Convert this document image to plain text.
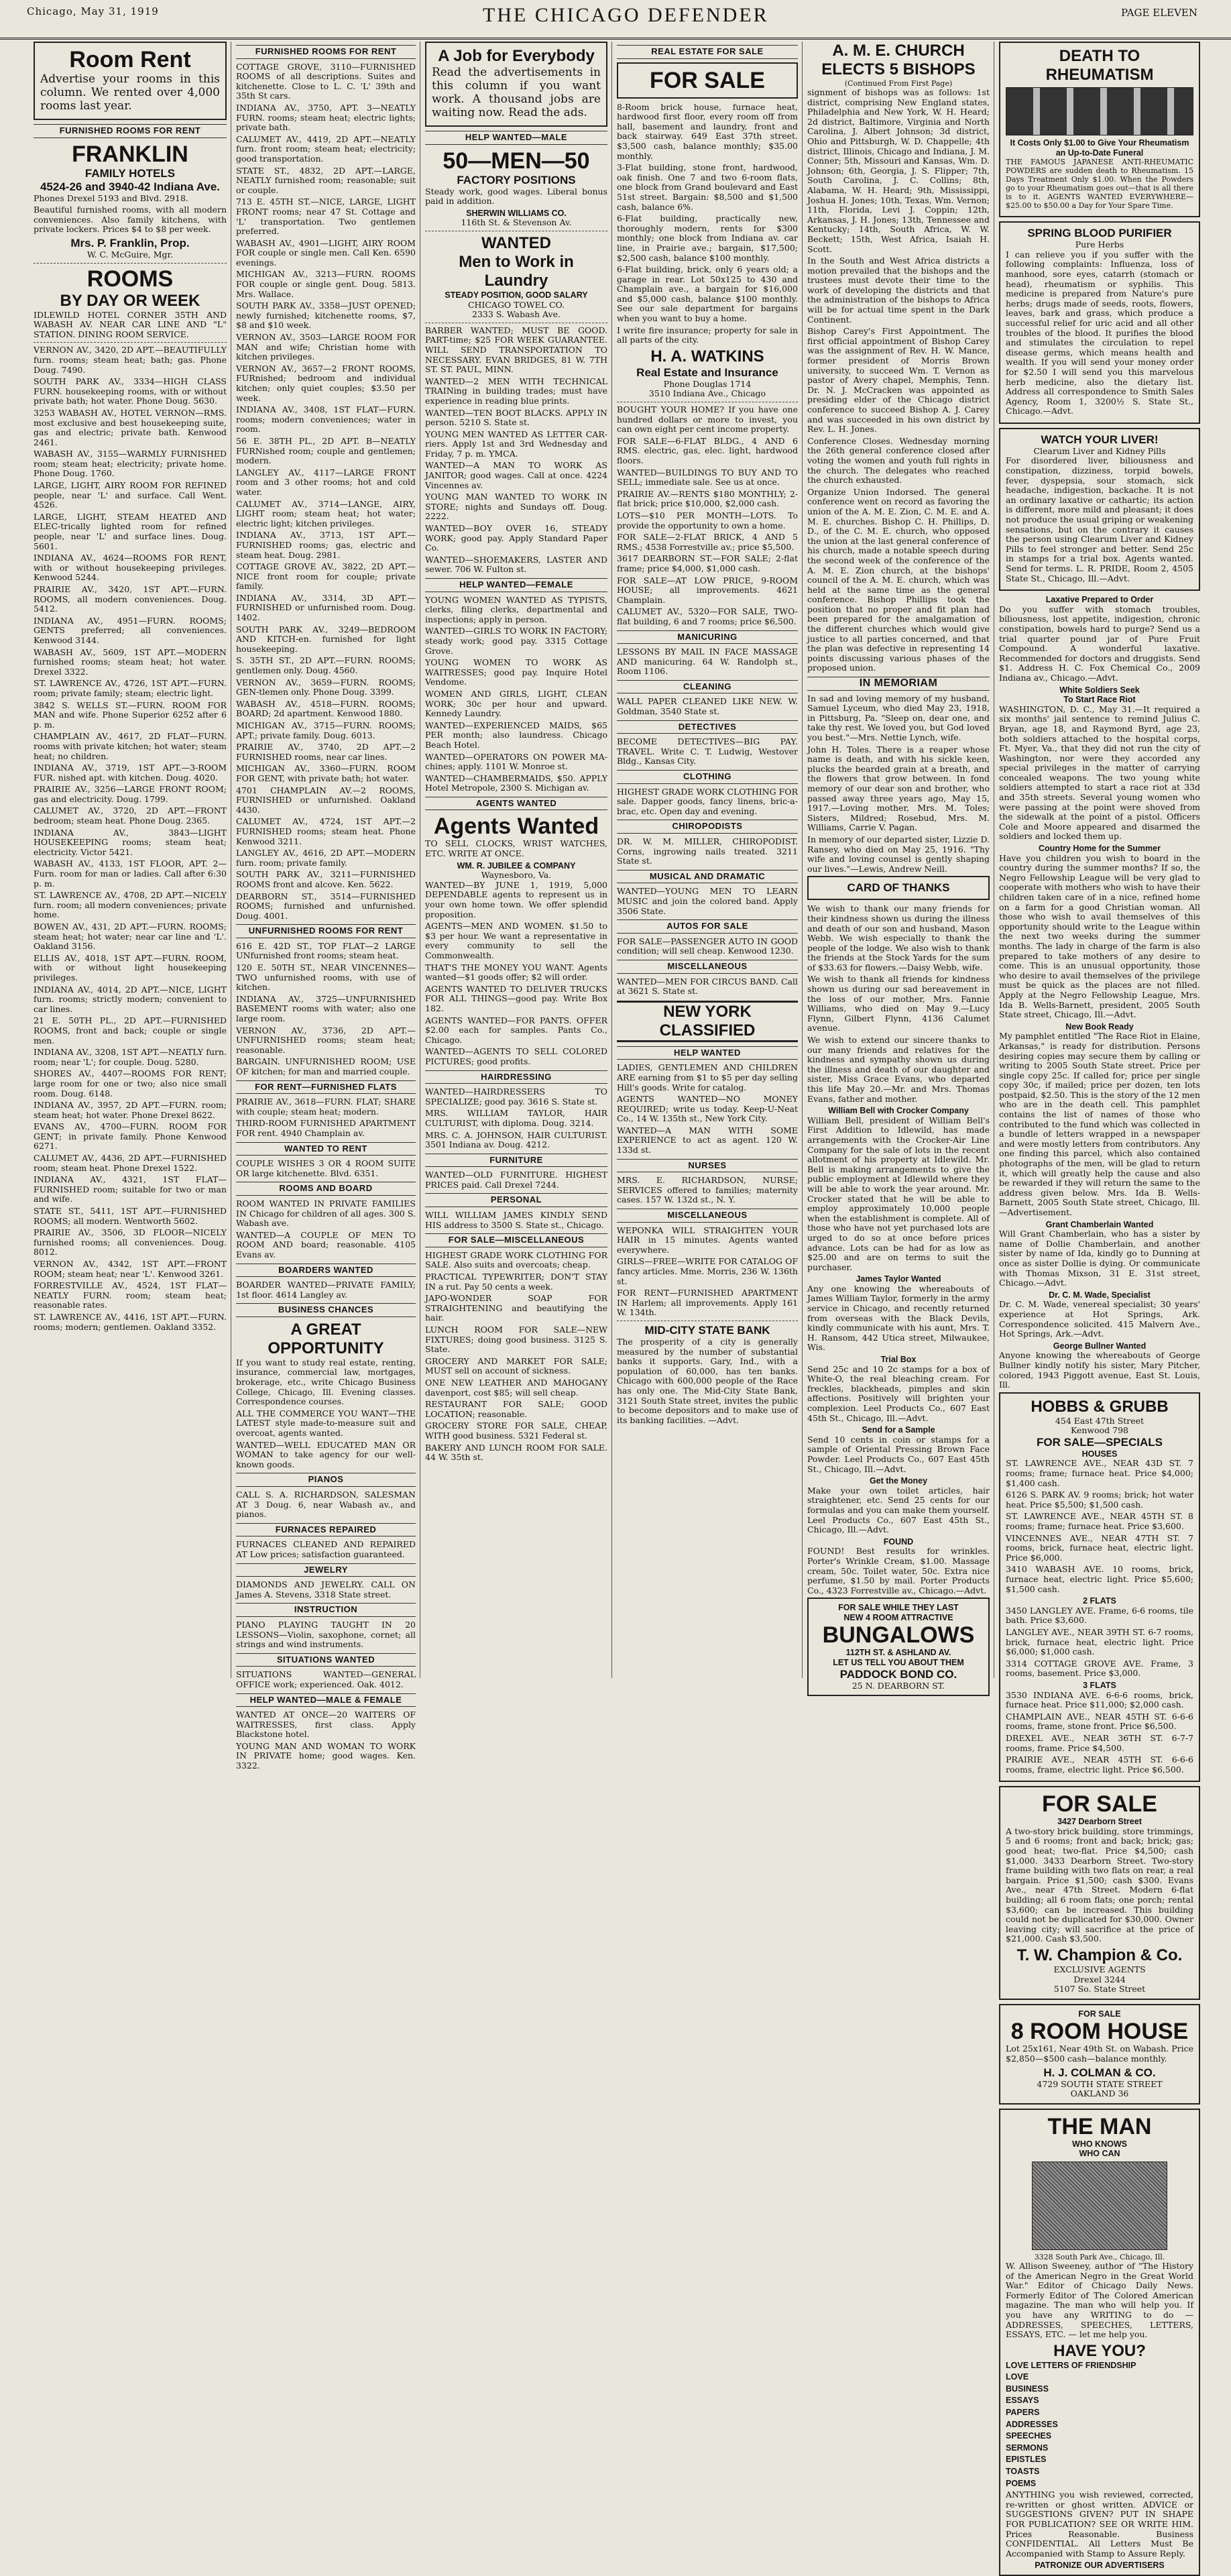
Chicago, May 31, 1919	THE CHICAGO DEFENDER	PAGE ELEVEN
Room Rent

Advertise your rooms in this column. We rented over 4,000 rooms last year.

FURNISHED ROOMS FOR RENT
FRANKLIN
FAMILY HOTELS
4524-26 and 3940-42 Indiana Ave.

Phones Drexel 5193 and Blvd. 2918.

Beautiful furnished rooms, with all modern conveniences. Also family kitchens, with private lockers. Prices $4 to $8 per week.

Mrs. P. Franklin, Prop.
W. C. McGuire, Mgr.
ROOMS
BY DAY OR WEEK

IDLEWILD HOTEL CORNER 35TH AND WABASH AV. NEAR CAR LINE AND "L" STATION. DINING ROOM SERVICE.

VERNON AV., 3420, 2D APT.—BEAUTIFULLY furn. rooms; steam heat; bath; gas. Phone Doug. 7490.

SOUTH PARK AV., 3334—HIGH CLASS FURN. housekeeping rooms, with or without private bath; hot water. Phone Doug. 5630.

3253 WABASH AV., HOTEL VERNON—RMS. most exclusive and best housekeeping suite, gas and electric; private bath. Kenwood 2461.

WABASH AV., 3155—WARMLY FURNISHED room; steam heat; electricity; private home. Phone Doug. 1760.

LARGE, LIGHT, AIRY ROOM FOR REFINED people, near 'L' and surface. Call Went. 4526.

LARGE, LIGHT, STEAM HEATED AND ELEC-trically lighted room for refined people, near 'L' and surface lines. Doug. 5601.

INDIANA AV., 4624—ROOMS FOR RENT, with or without housekeeping privileges. Kenwood 5244.

PRAIRIE AV., 3420, 1ST APT.—FURN. ROOMS, all modern conveniences. Doug. 5412.

INDIANA AV., 4951—FURN. ROOMS; GENTS preferred; all conveniences. Kenwood 3144.

WABASH AV., 5609, 1ST APT.—MODERN furnished rooms; steam heat; hot water. Drexel 3322.

ST. LAWRENCE AV., 4726, 1ST APT.—FURN. room; private family; steam; electric light.

3842 S. WELLS ST.—FURN. ROOM FOR MAN and wife. Phone Superior 6252 after 6 p. m.

CHAMPLAIN AV., 4617, 2D FLAT—FURN. rooms with private kitchen; hot water; steam heat; no children.

INDIANA AV., 3719, 1ST APT.—3-ROOM FUR. nished apt. with kitchen. Doug. 4020.

PRAIRIE AV., 3256—LARGE FRONT ROOM; gas and electricity. Doug. 1799.

CALUMET AV., 3720, 2D APT.—FRONT bedroom; steam heat. Phone Doug. 2365.

INDIANA AV., 3843—LIGHT HOUSEKEEPING rooms; steam heat; electricity. Victor 5421.

WABASH AV., 4133, 1ST FLOOR, APT. 2—Furn. room for man or ladies. Call after 6:30 p. m.

ST. LAWRENCE AV., 4708, 2D APT.—NICELY furn. room; all modern conveniences; private home.

BOWEN AV., 431, 2D APT.—FURN. ROOMS; steam heat; hot water; near car line and 'L'. Oakland 3156.

ELLIS AV., 4018, 1ST APT.—FURN. ROOM, with or without light housekeeping privileges.

INDIANA AV., 4014, 2D APT.—NICE, LIGHT furn. rooms; strictly modern; convenient to car lines.

21 E. 50TH PL., 2D APT.—FURNISHED ROOMS, front and back; couple or single men.

INDIANA AV., 3208, 1ST APT.—NEATLY furn. room; near 'L'; for couple. Doug. 5280.

SHORES AV., 4407—ROOMS FOR RENT; large room for one or two; also nice small room. Doug. 6148.

INDIANA AV., 3957, 2D APT.—FURN. room; steam heat; hot water. Phone Drexel 8622.

EVANS AV., 4700—FURN. ROOM FOR GENT; in private family. Phone Kenwood 6271.

CALUMET AV., 4436, 2D APT.—FURNISHED room; steam heat. Phone Drexel 1522.

INDIANA AV., 4321, 1ST FLAT—FURNISHED room; suitable for two or man and wife.

STATE ST., 5411, 1ST APT.—FURNISHED ROOMS; all modern. Wentworth 5602.

PRAIRIE AV., 3506, 3D FLOOR—NICELY furnished rooms; all conveniences. Doug. 8012.

VERNON AV., 4342, 1ST APT.—FRONT ROOM; steam heat; near 'L'. Kenwood 3261.

FORRESTVILLE AV., 4524, 1ST FLAT—NEATLY FURN. room; steam heat; reasonable rates.

ST. LAWRENCE AV., 4416, 1ST APT.—FURN. rooms; modern; gentlemen. Oakland 3352.

FURNISHED ROOMS FOR RENT

COTTAGE GROVE, 3110—FURNISHED ROOMS of all descriptions. Suites and kitchenette. Close to L. C. 'L' 39th and 35th St cars.

INDIANA AV., 3750, APT. 3—NEATLY FURN. rooms; steam heat; electric lights; private bath.

CALUMET AV., 4419, 2D APT.—NEATLY furn. front room; steam heat; electricity; good transportation.

STATE ST., 4832, 2D APT.—LARGE, NEATLY furnished room; reasonable; suit or couple.

713 E. 45TH ST.—NICE, LARGE, LIGHT FRONT rooms; near 47 St. Cottage and 'L' transportation. Two gentlemen preferred.

WABASH AV., 4901—LIGHT, AIRY ROOM FOR couple or single men. Call Ken. 6590 evenings.

MICHIGAN AV., 3213—FURN. ROOMS FOR couple or single gent. Doug. 5813. Mrs. Wallace.

SOUTH PARK AV., 3358—JUST OPENED; newly furnished; kitchenette rooms, $7, $8 and $10 week.

VERNON AV., 3503—LARGE ROOM FOR MAN and wife; Christian home with kitchen privileges.

VERNON AV., 3657—2 FRONT ROOMS, FURnished; bedroom and individual kitchen; only quiet couples; $3.50 per week.

INDIANA AV., 3408, 1ST FLAT—FURN. rooms; modern conveniences; water in room.

56 E. 38TH PL., 2D APT. B—NEATLY FURNished room; couple and gentlemen; modern.

LANGLEY AV., 4117—LARGE FRONT room and 3 other rooms; hot and cold water.

CALUMET AV., 3714—LANGE, AIRY, LIGHT room; steam heat; hot water; electric light; kitchen privileges.

INDIANA AV., 3713, 1ST APT.—FURNISHED rooms; gas, electric and steam heat. Doug. 2981.

COTTAGE GROVE AV., 3822, 2D APT.—NICE front room for couple; private family.

INDIANA AV., 3314, 3D APT.—FURNISHED or unfurnished room. Doug. 1402.

SOUTH PARK AV., 3249—BEDROOM AND KITCH-en. furnished for light housekeeping.

S. 35TH ST., 2D APT.—FURN. ROOMS; gentlemen only. Doug. 4560.

VERNON AV., 3659—FURN. ROOMS; GEN-tlemen only. Phone Doug. 3399.

WABASH AV., 4518—FURN. ROOMS; BOARD; 2d apartment. Kenwood 1880.

MICHIGAN AV., 3715—FURN. ROOMS; APT.; private family. Doug. 6013.

PRAIRIE AV., 3740, 2D APT.—2 FURNISHED rooms, near car lines.

MICHIGAN AV., 3360—FURN. ROOM FOR GENT, with private bath; hot water.

4701 CHAMPLAIN AV.—2 ROOMS, FURNISHED or unfurnished. Oakland 4430.

CALUMET AV., 4724, 1ST APT.—2 FURNISHED rooms; steam heat. Phone Kenwood 3211.

LANGLEY AV., 4616, 2D APT.—MODERN furn. room; private family.

SOUTH PARK AV., 3211—FURNISHED ROOMS front and alcove. Ken. 5622.

DEARBORN ST., 3514—FURNISHED ROOMS; furnished and unfurnished. Doug. 4001.

UNFURNISHED ROOMS FOR RENT

616 E. 42D ST., TOP FLAT—2 LARGE UNfurnished front rooms; steam heat.

120 E. 50TH ST., NEAR VINCENNES—TWO unfurnished rooms, with use of kitchen.

INDIANA AV., 3725—UNFURNISHED BASEMENT rooms with water; also one large room.

VERNON AV., 3736, 2D APT.—UNFURNISHED rooms; steam heat; reasonable.

BARGAIN. UNFURNISHED ROOM; USE OF kitchen; for man and married couple.

FOR RENT—FURNISHED FLATS

PRAIRIE AV., 3618—FURN. FLAT; SHARE with couple; steam heat; modern.

THIRD-ROOM FURNISHED APARTMENT FOR rent. 4940 Champlain av.

WANTED TO RENT

COUPLE WISHES 3 OR 4 ROOM SUITE OR large kitchenette. Blvd. 6351.

ROOMS AND BOARD

ROOM WANTED IN PRIVATE FAMILIES IN Chicago for children of all ages. 300 S. Wabash ave.

WANTED—A COUPLE OF MEN TO ROOM AND board; reasonable. 4105 Evans av.

BOARDERS WANTED

BOARDER WANTED—PRIVATE FAMILY; 1st floor. 4614 Langley av.

BUSINESS CHANCES
A GREAT OPPORTUNITY

If you want to study real estate, renting, insurance, commercial law, mortgages, brokerage, etc., write Chicago Business College, Chicago, Ill. Evening classes. Correspondence courses.

ALL THE COMMERCE YOU WANT—THE LATEST style made-to-measure suit and overcoat, agents wanted.

WANTED—WELL EDUCATED MAN OR WOMAN to take agency for our well-known goods.

PIANOS

CALL S. A. RICHARDSON, SALESMAN AT 3 Doug. 6, near Wabash av., and pianos.

FURNACES REPAIRED

FURNACES CLEANED AND REPAIRED AT Low prices; satisfaction guaranteed.

JEWELRY

DIAMONDS AND JEWELRY. CALL ON James A. Stevens, 3318 State street.

INSTRUCTION

PIANO PLAYING TAUGHT IN 20 LESSONS—Violin, saxophone, cornet; all strings and wind instruments.

SITUATIONS WANTED

SITUATIONS WANTED—GENERAL OFFICE work; experienced. Oak. 4012.

HELP WANTED—MALE & FEMALE

WANTED AT ONCE—20 WAITERS OF WAITRESSES, first class. Apply Blackstone hotel.

YOUNG MAN AND WOMAN TO WORK IN PRIVATE home; good wages. Ken. 3322.

A Job for Everybody

Read the advertisements in this column if you want work. A thousand jobs are waiting now. Read the ads.

HELP WANTED—MALE
50—MEN—50
FACTORY POSITIONS

Steady work, good wages. Liberal bonus paid in addition.

SHERWIN WILLIAMS CO.
116th St. & Stevenson Av.
WANTED
Men to Work in Laundry
STEADY POSITION, GOOD SALARY
CHICAGO TOWEL CO.
2333 S. Wabash Ave.

BARBER WANTED; MUST BE GOOD. PART-time; $25 FOR WEEK GUARANTEE. WILL SEND TRANSPORTATION TO NECESSARY. EVAN BRIDGES, 81 W. 7TH ST. ST. PAUL, MINN.

WANTED—2 MEN WITH TECHNICAL TRAINing in building trades; must have experience in reading blue prints.

WANTED—TEN BOOT BLACKS. APPLY IN person. 5210 S. State st.

YOUNG MEN WANTED AS LETTER CAR-riers. Apply 1st and 3rd Wednesday and Friday, 7 p. m. YMCA.

WANTED—A MAN TO WORK AS JANITOR; good wages. Call at once. 4224 Vincennes av.

YOUNG MAN WANTED TO WORK IN STORE; nights and Sundays off. Doug. 2222.

WANTED—BOY OVER 16, STEADY WORK; good pay. Apply Standard Paper Co.

WANTED—SHOEMAKERS, LASTER AND sewer. 706 W. Fulton st.

HELP WANTED—FEMALE

YOUNG WOMEN WANTED AS TYPISTS, clerks, filing clerks, departmental and inspections; apply in person.

WANTED—GIRLS TO WORK IN FACTORY; steady work; good pay. 3315 Cottage Grove.

YOUNG WOMEN TO WORK AS WAITRESSES; good pay. Inquire Hotel Vendome.

WOMEN AND GIRLS, LIGHT, CLEAN WORK; 30c per hour and upward. Kennedy Laundry.

WANTED—EXPERIENCED MAIDS, $65 PER month; also laundress. Chicago Beach Hotel.

WANTED—OPERATORS ON POWER MA-chines; apply. 1101 W. Monroe st.

WANTED—CHAMBERMAIDS, $50. APPLY Hotel Metropole, 2300 S. Michigan av.

AGENTS WANTED
Agents Wanted

TO SELL CLOCKS, WRIST WATCHES, ETC. WRITE AT ONCE.

WM. R. JUBILEE & COMPANY
Waynesboro, Va.

WANTED—BY JUNE 1, 1919, 5,000 DEPENDABLE agents to represent us in your own home town. We offer splendid proposition.

AGENTS—MEN AND WOMEN. $1.50 to $3 per hour. We want a representative in every community to sell the Commonwealth.

THAT'S THE MONEY YOU WANT. Agents wanted—$1 goods offer; $2 will order.

AGENTS WANTED TO DELIVER TRUCKS FOR ALL THINGS—good pay. Write Box 182.

AGENTS WANTED—FOR PANTS. OFFER $2.00 each for samples. Pants Co., Chicago.

WANTED—AGENTS TO SELL COLORED PICTURES; good profits.

HAIRDRESSING

WANTED—HAIRDRESSERS TO SPECIALIZE; good pay. 3616 S. State st.

MRS. WILLIAM TAYLOR, HAIR CULTURIST, with diploma. Doug. 3214.

MRS. C. A. JOHNSON, HAIR CULTURIST. 3501 Indiana av. Doug. 4212.

FURNITURE

WANTED—OLD FURNITURE. HIGHEST PRICES paid. Call Drexel 7244.

PERSONAL

WILL WILLIAM JAMES KINDLY SEND HIS address to 3500 S. State st., Chicago.

FOR SALE—MISCELLANEOUS

HIGHEST GRADE WORK CLOTHING FOR SALE. Also suits and overcoats; cheap.

PRACTICAL TYPEWRITER; DON'T STAY IN a rut. Pay 50 cents a week.

JAPO-WONDER SOAP FOR STRAIGHTENING and beautifying the hair.

LUNCH ROOM FOR SALE—NEW FIXTURES; doing good business. 3125 S. State.

GROCERY AND MARKET FOR SALE; MUST sell on account of sickness.

ONE NEW LEATHER AND MAHOGANY davenport, cost $85; will sell cheap.

RESTAURANT FOR SALE; GOOD LOCATION; reasonable.

GROCERY STORE FOR SALE, CHEAP, WITH good business. 5321 Federal st.

BAKERY AND LUNCH ROOM FOR SALE. 44 W. 35th st.

REAL ESTATE FOR SALE
FOR SALE

8-Room brick house, furnace heat, hardwood first floor, every room off from hall, basement and laundry, front and back stairway. 649 East 37th street. $3,500 cash, balance monthly; $35.00 monthly.

3-Flat building, stone front, hardwood, oak finish. One 7 and two 6-room flats, one block from Grand boulevard and East 51st street. Bargain: $8,500 and $1,500 cash, balance 6%.

6-Flat building, practically new, thoroughly modern, rents for $300 monthly; one block from Indiana av. car line, in Prairie ave.; bargain, $17,500; $2,500 cash, balance $100 monthly.

6-Flat building, brick, only 6 years old; a garage in rear. Lot 50x125 to 430 and Champlain ave., a bargain for $16,000 and $5,000 cash, balance $100 monthly. See our sale department for bargains when you want to buy a home.

I write fire insurance; property for sale in all parts of the city.

H. A. WATKINS
Real Estate and Insurance
Phone Douglas 1714
3510 Indiana Ave., Chicago

BOUGHT YOUR HOME? If you have one hundred dollars or more to invest, you can own eight per cent income property.

FOR SALE—6-FLAT BLDG., 4 AND 6 RMS. electric, gas, elec. light, hardwood floors.

WANTED—BUILDINGS TO BUY AND TO SELL; immediate sale. See us at once.

PRAIRIE AV.—RENTS $180 MONTHLY; 2-flat brick; price $10,000, $2,000 cash.

LOTS—$10 PER MONTH—LOTS. To provide the opportunity to own a home.

FOR SALE—2-FLAT BRICK, 4 AND 5 RMS.; 4538 Forrestville av.; price $5,500.

3617 DEARBORN ST.—FOR SALE; 2-flat frame; price $4,000, $1,000 cash.

FOR SALE—AT LOW PRICE, 9-ROOM HOUSE; all improvements. 4621 Champlain.

CALUMET AV., 5320—FOR SALE, TWO-flat building, 6 and 7 rooms; price $6,500.

MANICURING

LESSONS BY MAIL IN FACE MASSAGE AND manicuring. 64 W. Randolph st., Room 1106.

CLEANING

WALL PAPER CLEANED LIKE NEW. W. Goldman, 3540 State st.

DETECTIVES

BECOME DETECTIVES—BIG PAY. TRAVEL. Write C. T. Ludwig, Westover Bldg., Kansas City.

CLOTHING

HIGHEST GRADE WORK CLOTHING FOR sale. Dapper goods, fancy linens, bric-a-brac, etc. Open day and evening.

CHIROPODISTS

DR. W. M. MILLER, CHIROPODIST. Corns, ingrowing nails treated. 3211 State st.

MUSICAL AND DRAMATIC

WANTED—YOUNG MEN TO LEARN MUSIC and join the colored band. Apply 3506 State.

AUTOS FOR SALE

FOR SALE—PASSENGER AUTO IN GOOD condition; will sell cheap. Kenwood 1230.

MISCELLANEOUS

WANTED—MEN FOR CIRCUS BAND. Call at 3621 S. State st.

NEW YORK CLASSIFIED
HELP WANTED

LADIES, GENTLEMEN AND CHILDREN ARE earning from $1 to $5 per day selling Hill's goods. Write for catalog.

AGENTS WANTED—NO MONEY REQUIRED; write us today. Keep-U-Neat Co., 14 W. 135th st., New York City.

WANTED—A MAN WITH SOME EXPERIENCE to act as agent. 120 W. 133d st.

NURSES

MRS. E. RICHARDSON, NURSE; SERVICES offered to families; maternity cases. 157 W. 132d st., N. Y.

MISCELLANEOUS

WEPONKA WILL STRAIGHTEN YOUR HAIR in 15 minutes. Agents wanted everywhere.

GIRLS—FREE—WRITE FOR CATALOG OF fancy articles. Mme. Morris, 236 W. 136th st.

FOR RENT—FURNISHED APARTMENT IN Harlem; all improvements. Apply 161 W. 134th.

MID-CITY STATE BANK

The prosperity of a city is generally measured by the number of substantial banks it supports. Gary, Ind., with a population of 60,000, has ten banks. Chicago with 600,000 people of the Race has only one. The Mid-City State Bank, 3121 South State street, invites the public to become depositors and to make use of its banking facilities. —Advt.

A. M. E. CHURCH
ELECTS 5 BISHOPS
(Continued From First Page)

signment of bishops was as follows: 1st district, comprising New England states, Philadelphia and New York, W. H. Heard; 2d district, Baltimore, Virginia and North Carolina, J. Albert Johnson; 3d district, Ohio and Pittsburgh, W. D. Chappelle; 4th district, Illinois, Chicago and Indiana, J. M. Conner; 5th, Missouri and Kansas, Wm. D. Johnson; 6th, Georgia, J. S. Flipper; 7th, South Carolina, J. C. Collins; 8th, Alabama, W. H. Heard; 9th, Mississippi, Joshua H. Jones; 10th, Texas, Wm. Vernon; 11th, Florida, Levi J. Coppin; 12th, Arkansas, J. H. Jones; 13th, Tennessee and Kentucky; 14th, South Africa, W. W. Beckett; 15th, West Africa, Isaiah H. Scott.

In the South and West Africa districts a motion prevailed that the bishops and the trustees must devote their time to the work of developing the districts and that the administration of the bishops to Africa will be for actual time spent in the Dark Continent.

Bishop Carey's First Appointment. The first official appointment of Bishop Carey was the assignment of Rev. H. W. Mance, former president of Morris Brown university, to succeed Wm. T. Vernon as pastor of Avery chapel, Memphis, Tenn. Dr. N. J. McCracken was appointed as presiding elder of the Chicago district conference to succeed Bishop A. J. Carey and was succeeded in his own district by Rev. L. H. Jones.

Conference Closes. Wednesday morning the 26th general conference closed after voting the women and youth full rights in the church. The delegates who reached the church exhausted.

Organize Union Indorsed. The general conference went on record as favoring the union of the A. M. E. Zion, C. M. E. and A. M. E. churches. Bishop C. H. Phillips, D. D., of the C. M. E. church, who opposed the union at the last general conference of his church, made a notable speech during the second week of the conference of the A. M. E. Zion church, at the bishops' council of the A. M. E. church, which was held at the same time as the general conference. Bishop Phillips took the position that no proper and fit plan had been prepared for the amalgamation of the different churches which would give justice to all parties concerned, and that the plan was defective in representing 14 points discussing various phases of the proposed union.

IN MEMORIAM

In sad and loving memory of my husband, Samuel Lyceum, who died May 23, 1918, in Pittsburg, Pa. "Sleep on, dear one, and take thy rest. We loved you, but God loved you best."—Mrs. Nettie Lynch, wife.

John H. Toles. There is a reaper whose name is death, and with his sickle keen, plucks the bearded grain at a breath, and the flowers that grow between. In fond memory of our dear son and brother, who passed away three years ago, May 15, 1917.—Loving mother, Mrs. M. Toles; Sisters, Mildred; Rosebud, Mrs. M. Williams, Carrie V. Pagan.

In memory of our departed sister, Lizzie D. Ransey, who died on May 25, 1916. "Thy wife and loving counsel is gently shaping our lives."—Lewis, Andrew Neill.

CARD OF THANKS

We wish to thank our many friends for their kindness shown us during the illness and death of our son and husband, Mason Webb. We wish especially to thank the people of the lodge. We also wish to thank the friends at the Stock Yards for the sum of $33.63 for flowers.—Daisy Webb, wife.

We wish to thank all friends for kindness shown us during our sad bereavement in the loss of our mother, Mrs. Fannie Williams, who died on May 9.—Lucy Flynn, Gilbert Flynn, 4136 Calumet avenue.

We wish to extend our sincere thanks to our many friends and relatives for the kindness and sympathy shown us during the illness and death of our daughter and sister, Miss Grace Evans, who departed this life May 20.—Mr. and Mrs. Thomas Evans, father and mother.

William Bell with Crocker Company

William Bell, president of William Bell's First Addition to Idlewild, has made arrangements with the Crocker-Air Line Company for the sale of lots in the recent allotment of his property at Idlewild. Mr. Bell is making arrangements to give the public employment at Idlewild where they will be able to work the year around. Mr. Crocker stated that he will be able to employ approximately 10,000 people when the establishment is complete. All of those who have not yet purchased lots are urged to do so at once before prices advance. Lots can be had for as low as $25.00 and are on terms to suit the purchaser.

James Taylor Wanted

Any one knowing the whereabouts of James William Taylor, formerly in the army service in Chicago, and recently returned from overseas with the Black Devils, kindly communicate with his aunt, Mrs. T. H. Ransom, 442 Utica street, Milwaukee, Wis.

Trial Box

Send 25c and 10 2c stamps for a box of White-O, the real bleaching cream. For freckles, blackheads, pimples and skin affections. Positively will brighten your complexion. Leel Products Co., 607 East 45th St., Chicago, Ill.—Advt.

Send for a Sample

Send 10 cents in coin or stamps for a sample of Oriental Pressing Brown Face Powder. Leel Products Co., 607 East 45th St., Chicago, Ill.—Advt.

Get the Money

Make your own toilet articles, hair straightener, etc. Send 25 cents for our formulas and you can make them yourself. Leel Products Co., 607 East 45th St., Chicago, Ill.—Advt.

FOUND

FOUND! Best results for wrinkles. Porter's Wrinkle Cream, $1.00. Massage cream, 50c. Toilet water, 50c. Extra nice perfume, $1.50 by mail. Porter Products Co., 4323 Forrestville av., Chicago.—Advt.

FOR SALE WHILE THEY LAST
NEW 4 ROOM ATTRACTIVE
BUNGALOWS
112TH ST. & ASHLAND AV.
LET US TELL YOU ABOUT THEM
PADDOCK BOND CO.
25 N. DEARBORN ST.
DEATH TO RHEUMATISM
It Costs Only $1.00 to Give Your Rheumatism an Up-to-Date Funeral

THE FAMOUS JAPANESE ANTI-RHEUMATIC POWDERS are sudden death to Rheumatism. 15 Days Treatment Only $1.00. When the Powders go to your Rheumatism goes out—that is all there is to it. AGENTS WANTED EVERYWHERE—$25.00 to $50.00 a Day for Your Spare Time.

SPRING BLOOD PURIFIER
Pure Herbs

I can relieve you if you suffer with the following complaints: Influenza, loss of manhood, sore eyes, catarrh (stomach or head), rheumatism or syphilis. This medicine is prepared from Nature's pure herbs; drugs made of seeds, roots, flowers, leaves, bark and grass, which produce a successful relief for uric acid and all other troubles of the blood. It purifies the blood and stimulates the circulation to repel disease germs, which means health and wealth. If you will send your money order for $2.50 I will send you this marvelous herb medicine, also the dietary list. Address all correspondence to Smith Sales Agency, Room 1, 3200½ S. State St., Chicago.—Advt.

WATCH YOUR LIVER!
Clearum Liver and Kidney Pills

For disordered liver, biliousness and constipation, dizziness, torpid bowels, fever, dyspepsia, sour stomach, sick headache, indigestion, backache. It is not an ordinary laxative or cathartic; its action is different, more mild and pleasant; it does not produce the usual griping or weakening sensations, but on the contrary it causes the person using Clearum Liver and Kidney Pills to feel stronger and better. Send 25c in stamps for a trial box. Agents wanted. Send for terms. L. R. PRIDE, Room 2, 4505 State St., Chicago, Ill.—Advt.

Laxative Prepared to Order

Do you suffer with stomach troubles, biliousness, lost appetite, indigestion, chronic constipation, bowels hard to purge? Send us a trial quarter pound jar of Pure Fruit Compound. A wonderful laxative. Recommended for doctors and druggists. Send $1. Address H. C. Fox Chemical Co., 2009 Indiana av., Chicago.—Advt.

White Soldiers Seek
To Start Race Riot

WASHINGTON, D. C., May 31.—It required a six months' jail sentence to remind Julius C. Bryan, age 18, and Raymond Byrd, age 23, both soldiers attached to the hospital corps, Ft. Myer, Va., that they did not run the city of Washington, nor were they accorded any special privileges in the matter of carrying concealed weapons. The two young white soldiers attempted to start a race riot at 33d and 35th streets. Several young women who were passing at the point were shoved from the sidewalk at the point of a pistol. Officers Cole and Moore appeared and disarmed the soldiers and locked them up.

Country Home for the Summer

Have you children you wish to board in the country during the summer months? If so, the Negro Fellowship League will be very glad to cooperate with mothers who wish to have their children taken care of in a nice, refined home on a farm for a good Christian woman. All those who wish to avail themselves of this opportunity should write to the League within the next two weeks during the summer months. The lady in charge of the farm is also prepared to take mothers of any desire to come. This is an unusual opportunity, those who desire to avail themselves of the privilege must be quick as the places are not filled. Apply at the Negro Fellowship League, Mrs. Ida B. Wells-Barnett, president, 2005 South State street, Chicago, Ill.—Advt.

New Book Ready

My pamphlet entitled "The Race Riot in Elaine, Arkansas," is ready for distribution. Persons desiring copies may secure them by calling or writing to 2005 South State street. Price per single copy 25c. If called for; price per single copy 30c, if mailed; price per dozen, ten lots postpaid, $2.50. This is the story of the 12 men who are in the death cell. This pamphlet contains the list of names of those who contributed to the fund which was collected in a bundle of letters wrapped in a newspaper and were mostly letters from contributors. Any one finding this parcel, which also contained photographs of the men, will be glad to return it, which will greatly help the cause and also be rewarded if they will return the same to the address given below. Mrs. Ida B. Wells-Barnett, 2005 South State street, Chicago, Ill.—Advertisement.

Grant Chamberlain Wanted

Will Grant Chamberlain, who has a sister by name of Dollie Chamberlain, and another sister by name of Ida, kindly go to Dunning at once as sister Dollie is dying. Or communicate with Thomas Mixson, 31 E. 31st street, Chicago.—Advt.

Dr. C. M. Wade, Specialist

Dr. C. M. Wade, venereal specialist; 30 years' experience at Hot Springs, Ark. Correspondence solicited. 415 Malvern Ave., Hot Springs, Ark.—Advt.

George Bullner Wanted

Anyone knowing the whereabouts of George Bullner kindly notify his sister, Mary Pitcher, colored, 1943 Piggott avenue, East St. Louis, Ill.

HOBBS & GRUBB
454 East 47th Street
Kenwood 798
FOR SALE—SPECIALS
HOUSES

ST. LAWRENCE AVE., NEAR 43D ST. 7 rooms; frame; furnace heat. Price $4,000; $1,400 cash.

6126 S. PARK AV. 9 rooms; brick; hot water heat. Price $5,500; $1,500 cash.

ST. LAWRENCE AVE., NEAR 45TH ST. 8 rooms; frame; furnace heat. Price $3,600.

VINCENNES AVE., NEAR 47TH ST. 7 rooms, brick, furnace heat, electric light. Price $6,000.

3410 WABASH AVE. 10 rooms, brick, furnace heat, electric light. Price $5,600; $1,500 cash.

2 FLATS

3450 LANGLEY AVE. Frame, 6-6 rooms, tile bath. Price $3,600.

LANGLEY AVE., NEAR 39TH ST. 6-7 rooms, brick, furnace heat, electric light. Price $6,000; $1,000 cash.

3314 COTTAGE GROVE AVE. Frame, 3 rooms, basement. Price $3,000.

3 FLATS

3530 INDIANA AVE. 6-6-6 rooms, brick, furnace heat. Price $11,000; $2,000 cash.

CHAMPLAIN AVE., NEAR 45TH ST. 6-6-6 rooms, frame, stone front. Price $6,500.

DREXEL AVE., NEAR 36TH ST. 6-7-7 rooms, frame. Price $4,500.

PRAIRIE AVE., NEAR 45TH ST. 6-6-6 rooms, frame, electric light. Price $6,500.

FOR SALE
3427 Dearborn Street

A two-story brick building, store trimmings, 5 and 6 rooms; front and back; brick; gas; good heat; two-flat. Price $4,500; cash $1,000. 3433 Dearborn Street. Two-story frame building with two flats on rear, a real bargain. Price $1,500; cash $300. Evans Ave., near 47th Street. Modern 6-flat building; all 6 room flats; one porch; rental $3,600; can be increased. This building could not be duplicated for $30,000. Owner leaving city; will sacrifice at the price of $21,000. Cash $3,500.

T. W. Champion & Co.
EXCLUSIVE AGENTS
Drexel 3244
5107 So. State Street
FOR SALE
8 ROOM HOUSE

Lot 25x161, Near 49th St. on Wabash. Price $2,850—$500 cash—balance monthly.

H. J. COLMAN & CO.
4729 SOUTH STATE STREET
OAKLAND 36
THE MAN
WHO KNOWS
WHO CAN
3328 South Park Ave., Chicago, Ill.

W. Allison Sweeney, author of "The History of the American Negro in the Great World War." Editor of Chicago Daily News. Formerly Editor of The Colored American magazine. The man who will help you. If you have any WRITING to do — ADDRESSES, SPEECHES, LETTERS, ESSAYS, ETC. — let me help you.

HAVE YOU?

LOVE LETTERS OF FRIENDSHIP

LOVE

BUSINESS

ESSAYS

PAPERS

ADDRESSES

SPEECHES

SERMONS

EPISTLES

TOASTS

POEMS

ANYTHING you wish reviewed, corrected, re-written or ghost written. ADVICE or SUGGESTIONS GIVEN? PUT IN SHAPE FOR PUBLICATION? SEE OR WRITE HIM. Prices Reasonable. Business CONFIDENTIAL. All Letters Must Be Accompanied with Stamp to Assure Reply.

PATRONIZE OUR ADVERTISERS
